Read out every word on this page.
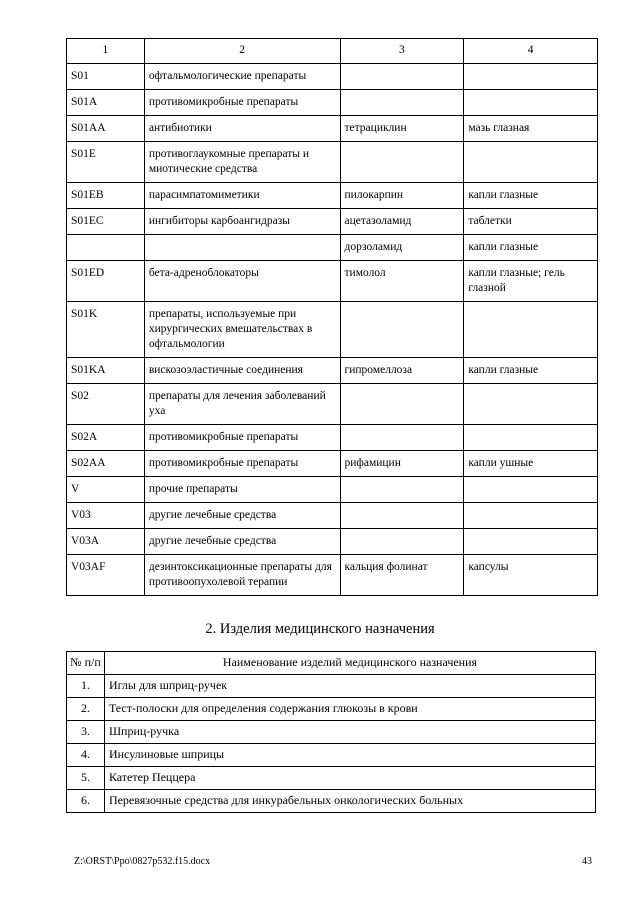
1	2	3	4
S01	офтальмологические препараты		
S01A	противомикробные препараты		
S01AA	антибиотики	тетрациклин	мазь глазная
S01E	противоглаукомные препараты и миотические средства		
S01EB	парасимпатомиметики	пилокарпин	капли глазные
S01EC	ингибиторы карбоангидразы	ацетазоламид	таблетки
		дорзоламид	капли глазные
S01ED	бета-адреноблокаторы	тимолол	капли глазные; гель глазной
S01K	препараты, используемые при хирургических вмешательствах в офтальмологии		
S01KA	вискозоэластичные соединения	гипромеллоза	капли глазные
S02	препараты для лечения заболеваний уха		
S02A	противомикробные препараты		
S02AA	противомикробные препараты	рифамицин	капли ушные
V	прочие препараты		
V03	другие лечебные средства		
V03A	другие лечебные средства		
V03AF	дезинтоксикационные препараты для противоопухолевой терапии	кальция фолинат	капсулы
2. Изделия медицинского назначения
№ п/п	Наименование изделий медицинского назначения
1.	Иглы для шприц-ручек
2.	Тест-полоски для определения содержания глюкозы в крови
3.	Шприц-ручка
4.	Инсулиновые шприцы
5.	Катетер Пеццера
6.	Перевязочные средства для инкурабельных онкологических больных
Z:\ORST\Ppo\0827p532.f15.docx	43
